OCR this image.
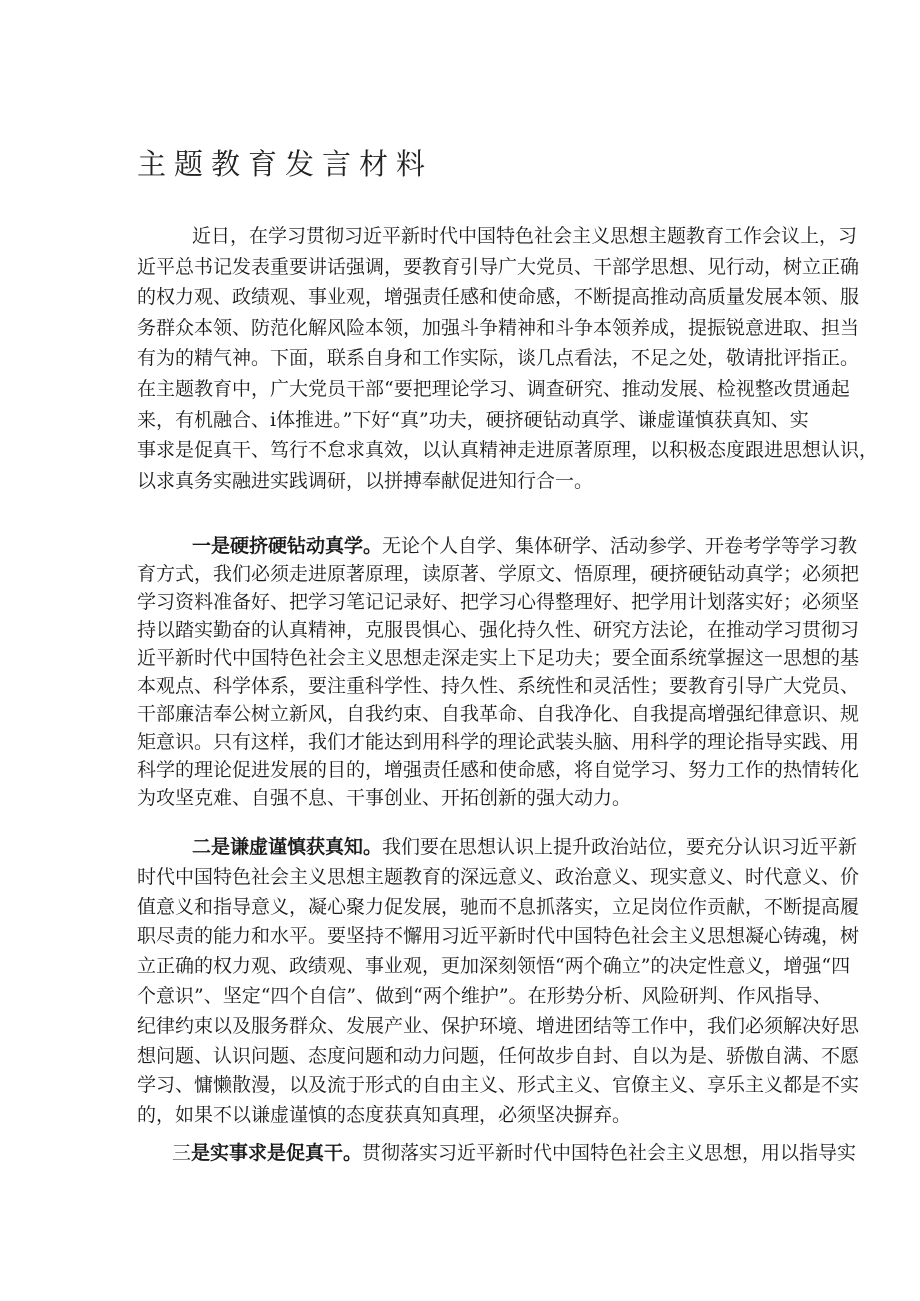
主题教育发言材料
近日，在学习贯彻习近平新时代中国特色社会主义思想主题教育工作会议上，习
近平总书记发表重要讲话强调，要教育引导广大党员、干部学思想、见行动，树立正确
的权力观、政绩观、事业观，增强责任感和使命感，不断提高推动高质量发展本领、服
务群众本领、防范化解风险本领，加强斗争精神和斗争本领养成，提振锐意进取、担当
有为的精气神。下面，联系自身和工作实际，谈几点看法，不足之处，敬请批评指正。
在主题教育中，广大党员干部“要把理论学习、调查研究、推动发展、检视整改贯通起
来，有机融合、i体推进。”下好“真”功夫，硬挤硬钻动真学、谦虚谨慎获真知、实
事求是促真干、笃行不怠求真效，以认真精神走进原著原理，以积极态度跟进思想认识，
以求真务实融进实践调研，以拼搏奉献促进知行合一。
一是硬挤硬钻动真学。无论个人自学、集体研学、活动参学、开卷考学等学习教
育方式，我们必须走进原著原理，读原著、学原文、悟原理，硬挤硬钻动真学；必须把
学习资料准备好、把学习笔记记录好、把学习心得整理好、把学用计划落实好；必须坚
持以踏实勤奋的认真精神，克服畏惧心、强化持久性、研究方法论，在推动学习贯彻习
近平新时代中国特色社会主义思想走深走实上下足功夫；要全面系统掌握这一思想的基
本观点、科学体系，要注重科学性、持久性、系统性和灵活性；要教育引导广大党员、
干部廉洁奉公树立新风，自我约束、自我革命、自我净化、自我提高增强纪律意识、规
矩意识。只有这样，我们才能达到用科学的理论武装头脑、用科学的理论指导实践、用
科学的理论促进发展的目的，增强责任感和使命感，将自觉学习、努力工作的热情转化
为攻坚克难、自强不息、干事创业、开拓创新的强大动力。
二是谦虚谨慎获真知。我们要在思想认识上提升政治站位，要充分认识习近平新
时代中国特色社会主义思想主题教育的深远意义、政治意义、现实意义、时代意义、价
值意义和指导意义，凝心聚力促发展，驰而不息抓落实，立足岗位作贡献，不断提高履
职尽责的能力和水平。要坚持不懈用习近平新时代中国特色社会主义思想凝心铸魂，树
立正确的权力观、政绩观、事业观，更加深刻领悟“两个确立”的决定性意义，增强“四
个意识”、坚定“四个自信”、做到“两个维护”。在形势分析、风险研判、作风指导、
纪律约束以及服务群众、发展产业、保护环境、增进团结等工作中，我们必须解决好思
想问题、认识问题、态度问题和动力问题，任何故步自封、自以为是、骄傲自满、不愿
学习、慵懒散漫，以及流于形式的自由主义、形式主义、官僚主义、享乐主义都是不实
的，如果不以谦虚谨慎的态度获真知真理，必须坚决摒弃。
三是实事求是促真干。贯彻落实习近平新时代中国特色社会主义思想，用以指导实
